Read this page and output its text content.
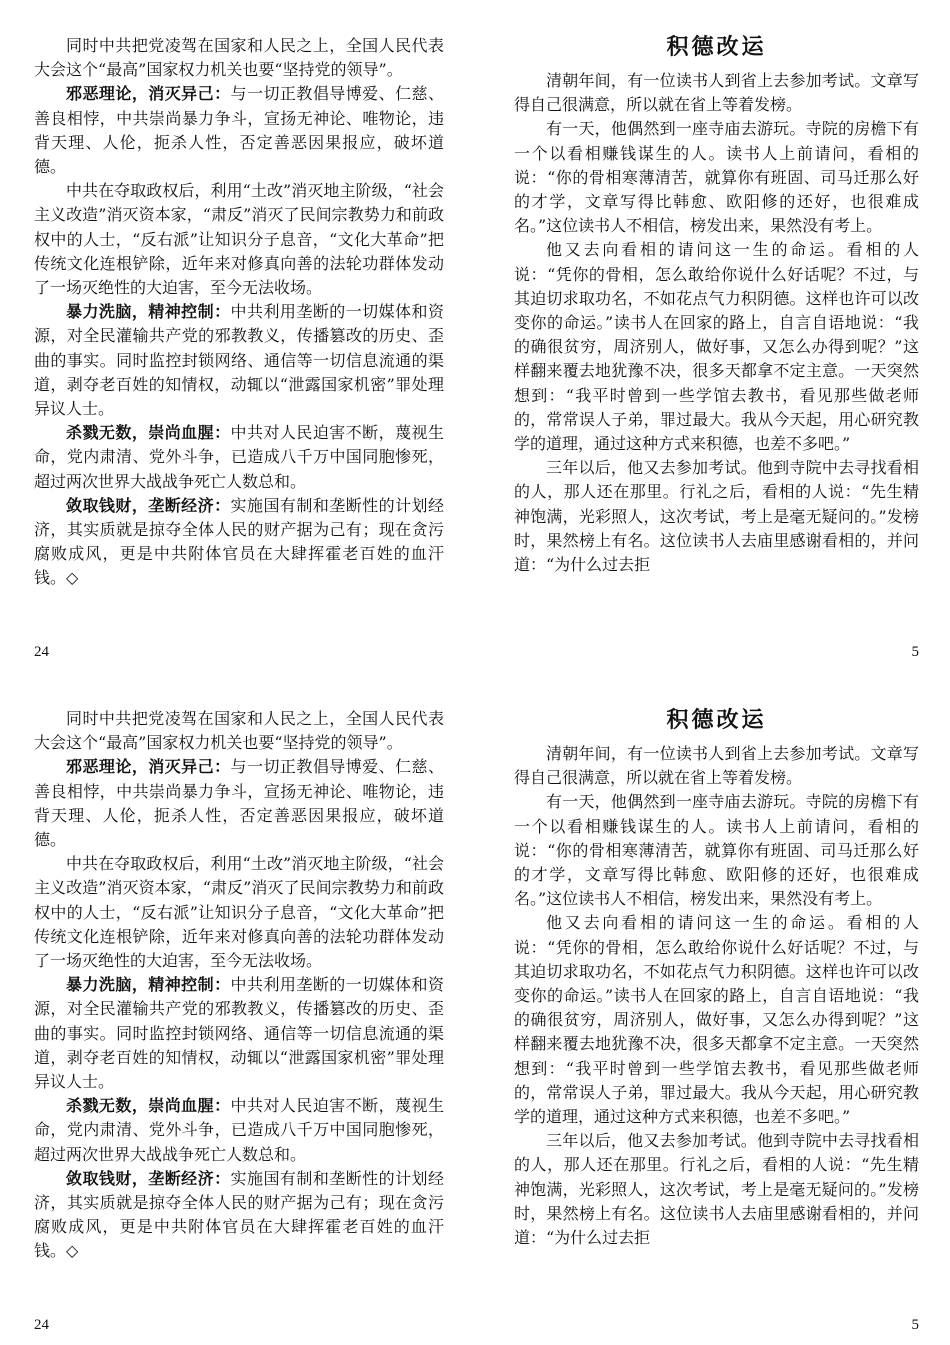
同时中共把党凌驾在国家和人民之上，全国人民代表大会这个“最高”国家权力机关也要“坚持党的领导”。

邪恶理论，消灭异己：与一切正教倡导博爱、仁慈、善良相悖，中共崇尚暴力争斗，宣扬无神论、唯物论，违背天理、人伦，扼杀人性，否定善恶因果报应，破坏道德。

中共在夺取政权后，利用“土改”消灭地主阶级，“社会主义改造”消灭资本家，“肃反”消灭了民间宗教势力和前政权中的人士，“反右派”让知识分子息音，“文化大革命”把传统文化连根铲除，近年来对修真向善的法轮功群体发动了一场灭绝性的大迫害，至今无法收场。

暴力洗脑，精神控制：中共利用垄断的一切媒体和资源，对全民灌输共产党的邪教教义，传播篡改的历史、歪曲的事实。同时监控封锁网络、通信等一切信息流通的渠道，剥夺老百姓的知情权，动辄以“泄露国家机密”罪处理异议人士。

杀戮无数，崇尚血腥：中共对人民迫害不断，蔑视生命，党内肃清、党外斗争，已造成八千万中国同胞惨死，超过两次世界大战战争死亡人数总和。

敛取钱财，垄断经济：实施国有制和垄断性的计划经济，其实质就是掠夺全体人民的财产据为己有；现在贪污腐败成风，更是中共附体官员在大肆挥霍老百姓的血汗钱。◇

24
积德改运

清朝年间，有一位读书人到省上去参加考试。文章写得自己很满意，所以就在省上等着发榜。

有一天，他偶然到一座寺庙去游玩。寺院的房檐下有一个以看相赚钱谋生的人。读书人上前请问，看相的说：“你的骨相寒薄清苦，就算你有班固、司马迁那么好的才学，文章写得比韩愈、欧阳修的还好，也很难成名。”这位读书人不相信，榜发出来，果然没有考上。

他又去向看相的请问这一生的命运。看相的人说：“凭你的骨相，怎么敢给你说什么好话呢？不过，与其迫切求取功名，不如花点气力积阴德。这样也许可以改变你的命运。”读书人在回家的路上，自言自语地说：“我的确很贫穷，周济别人，做好事，又怎么办得到呢？”这样翻来覆去地犹豫不决，很多天都拿不定主意。一天突然想到：“我平时曾到一些学馆去教书，看见那些做老师的，常常误人子弟，罪过最大。我从今天起，用心研究教学的道理，通过这种方式来积德，也差不多吧。”

三年以后，他又去参加考试。他到寺院中去寻找看相的人，那人还在那里。行礼之后，看相的人说：“先生精神饱满，光彩照人，这次考试，考上是毫无疑问的。”发榜时，果然榜上有名。这位读书人去庙里感谢看相的，并问道：“为什么过去拒

5

同时中共把党凌驾在国家和人民之上，全国人民代表大会这个“最高”国家权力机关也要“坚持党的领导”。

邪恶理论，消灭异己：与一切正教倡导博爱、仁慈、善良相悖，中共崇尚暴力争斗，宣扬无神论、唯物论，违背天理、人伦，扼杀人性，否定善恶因果报应，破坏道德。

中共在夺取政权后，利用“土改”消灭地主阶级，“社会主义改造”消灭资本家，“肃反”消灭了民间宗教势力和前政权中的人士，“反右派”让知识分子息音，“文化大革命”把传统文化连根铲除，近年来对修真向善的法轮功群体发动了一场灭绝性的大迫害，至今无法收场。

暴力洗脑，精神控制：中共利用垄断的一切媒体和资源，对全民灌输共产党的邪教教义，传播篡改的历史、歪曲的事实。同时监控封锁网络、通信等一切信息流通的渠道，剥夺老百姓的知情权，动辄以“泄露国家机密”罪处理异议人士。

杀戮无数，崇尚血腥：中共对人民迫害不断，蔑视生命，党内肃清、党外斗争，已造成八千万中国同胞惨死，超过两次世界大战战争死亡人数总和。

敛取钱财，垄断经济：实施国有制和垄断性的计划经济，其实质就是掠夺全体人民的财产据为己有；现在贪污腐败成风，更是中共附体官员在大肆挥霍老百姓的血汗钱。◇

24
积德改运

清朝年间，有一位读书人到省上去参加考试。文章写得自己很满意，所以就在省上等着发榜。

有一天，他偶然到一座寺庙去游玩。寺院的房檐下有一个以看相赚钱谋生的人。读书人上前请问，看相的说：“你的骨相寒薄清苦，就算你有班固、司马迁那么好的才学，文章写得比韩愈、欧阳修的还好，也很难成名。”这位读书人不相信，榜发出来，果然没有考上。

他又去向看相的请问这一生的命运。看相的人说：“凭你的骨相，怎么敢给你说什么好话呢？不过，与其迫切求取功名，不如花点气力积阴德。这样也许可以改变你的命运。”读书人在回家的路上，自言自语地说：“我的确很贫穷，周济别人，做好事，又怎么办得到呢？”这样翻来覆去地犹豫不决，很多天都拿不定主意。一天突然想到：“我平时曾到一些学馆去教书，看见那些做老师的，常常误人子弟，罪过最大。我从今天起，用心研究教学的道理，通过这种方式来积德，也差不多吧。”

三年以后，他又去参加考试。他到寺院中去寻找看相的人，那人还在那里。行礼之后，看相的人说：“先生精神饱满，光彩照人，这次考试，考上是毫无疑问的。”发榜时，果然榜上有名。这位读书人去庙里感谢看相的，并问道：“为什么过去拒

5
